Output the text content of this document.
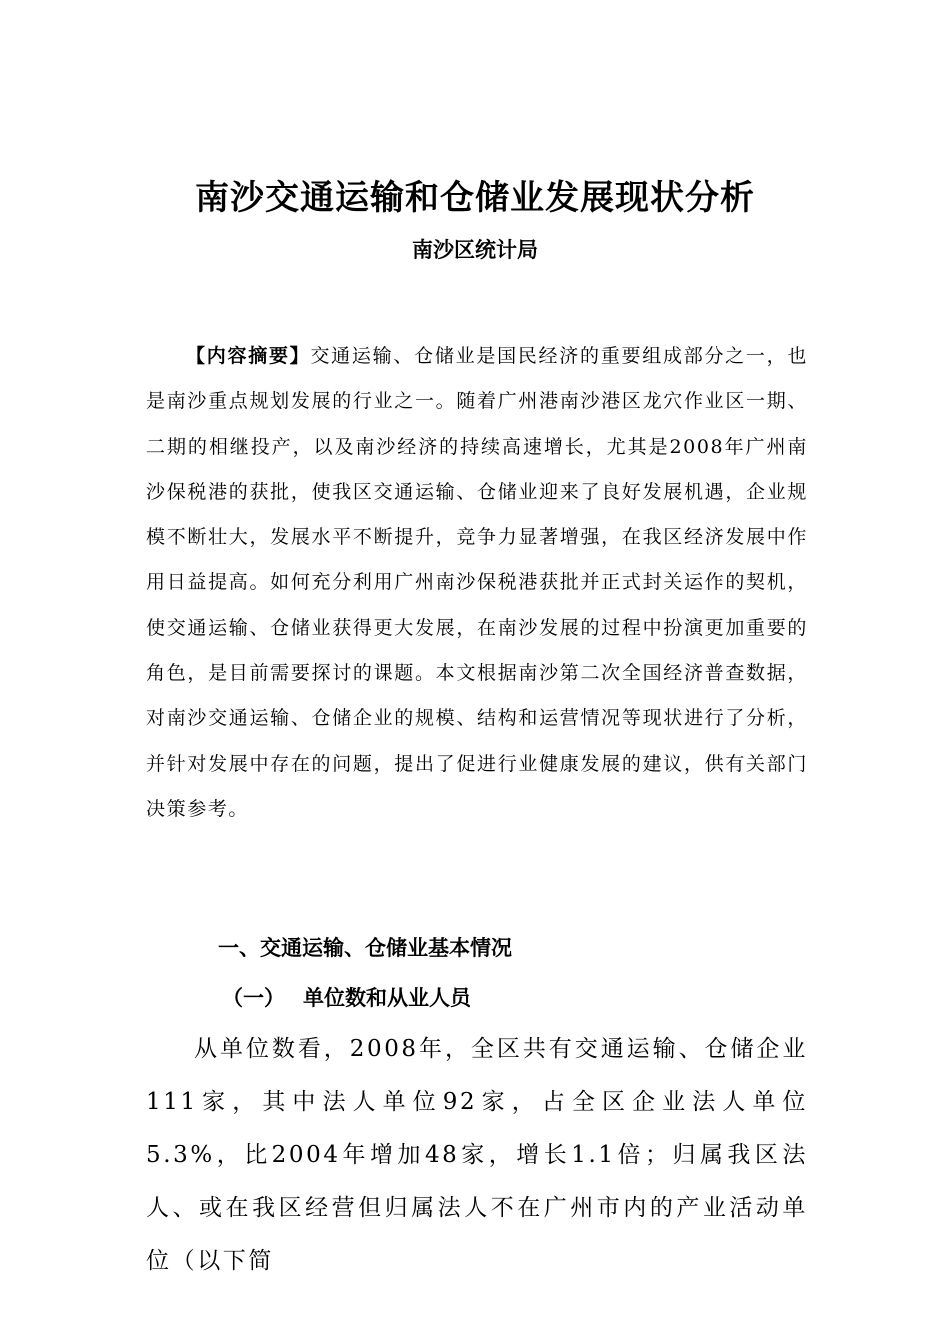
南沙交通运输和仓储业发展现状分析
南沙区统计局

【内容摘要】交通运输、仓储业是国民经济的重要组成部分之一，也是南沙重点规划发展的行业之一。随着广州港南沙港区龙穴作业区一期、二期的相继投产，以及南沙经济的持续高速增长，尤其是2008年广州南沙保税港的获批，使我区交通运输、仓储业迎来了良好发展机遇，企业规模不断壮大，发展水平不断提升，竞争力显著增强，在我区经济发展中作用日益提高。如何充分利用广州南沙保税港获批并正式封关运作的契机，使交通运输、仓储业获得更大发展，在南沙发展的过程中扮演更加重要的角色，是目前需要探讨的课题。本文根据南沙第二次全国经济普查数据，对南沙交通运输、仓储企业的规模、结构和运营情况等现状进行了分析，并针对发展中存在的问题，提出了促进行业健康发展的建议，供有关部门决策参考。

一、交通运输、仓储业基本情况
（一） 单位数和从业人员

从单位数看，2008年，全区共有交通运输、仓储企业111家，其中法人单位92家，占全区企业法人单位5.3%，比2004年增加48家，增长1.1倍；归属我区法人、或在我区经营但归属法人不在广州市内的产业活动单位（以下简
